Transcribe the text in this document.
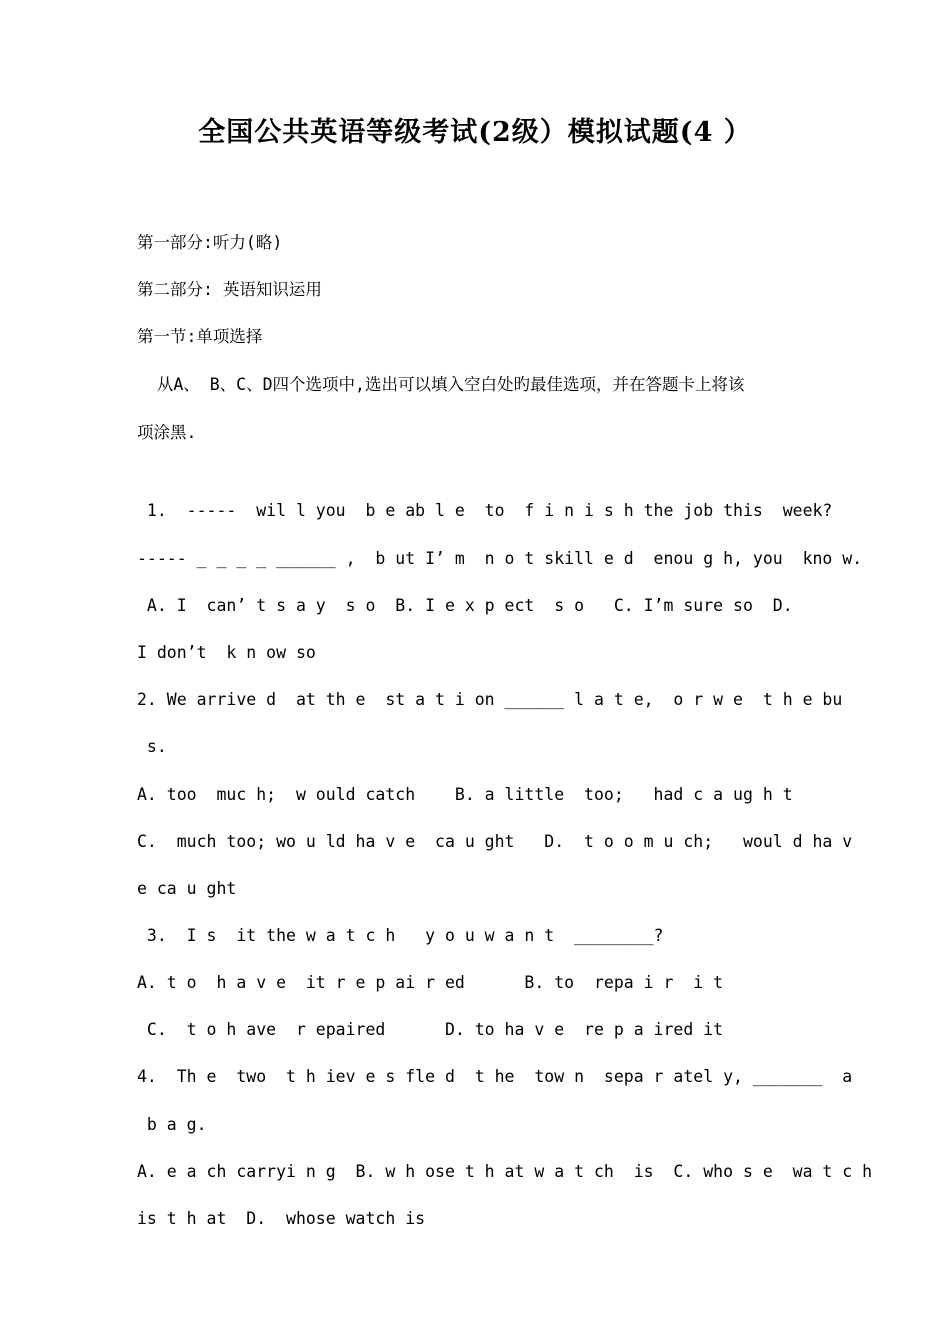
全国公共英语等级考试(2级）模拟试题(4 ）
第一部分:听力(略)
第二部分: 英语知识运用
第一节:单项选择
从A、 B、C、D四个选项中,选出可以填入空白处旳最佳选项，并在答题卡上将该
项涂黑.
1.  -----  wil l you  b e ab l e  to  f i n i s h the job this  week?
----- _ _ _ _ ______ ,  b ut I’ m  n o t skill e d  enou g h, you  kno w.
A. I  can’ t s a y  s o  B. I e x p ect  s o   C. I’m sure so  D.
I don’t  k n ow so
2. We arrive d  at th e  st a t i on ______ l a t e,  o r w e  t h e bu
s.
A. too  muc h;  w ould catch    B. a little  too;   had c a ug h t
C.  much too; wo u ld ha v e  ca u ght   D.  t o o m u ch;   woul d ha v
e ca u ght
3.  I s  it the w a t c h   y o u w a n t  ________?
A. t o  h a v e  it r e p ai r ed      B. to  repa i r  i t
C.  t o h ave  r epaired      D. to ha v e  re p a ired it
4.  Th e  two  t h iev e s fle d  t he  tow n  sepa r atel y, _______  a
b a g.
A. e a ch carryi n g  B. w h ose t h at w a t ch  is  C. who s e  wa t c h
is t h at  D.  whose watch is
